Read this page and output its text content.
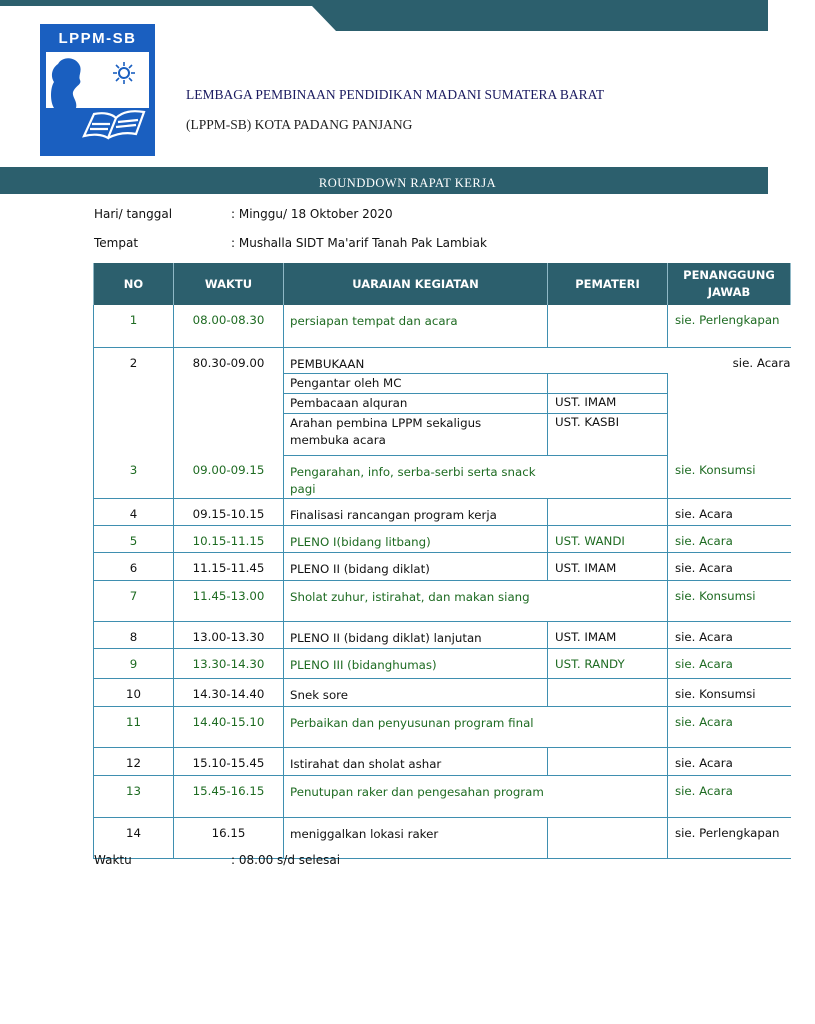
LPPM-SB
LEMBAGA PEMBINAAN PENDIDIKAN MADANI SUMATERA BARAT
(LPPM-SB) KOTA PADANG PANJANG
ROUNDDOWN RAPAT KERJA
Hari/ tanggal	: Minggu/ 18 Oktober 2020
Tempat	: Mushalla SIDT Ma'arif Tanah Pak Lambiak
NO	WAKTU	UARAIAN KEGIATAN	PEMATERI	PENANGGUNG JAWAB
1	08.00-08.30	persiapan tempat dan acara		sie. Perlengkapan
2	80.30-09.00	PEMBUKAAN		sie. Acara
		Pengantar oleh MC		
		Pembacaan alquran	UST. IMAM	
		Arahan pembina LPPM sekaligus membuka acara	UST. KASBI	
3	09.00-09.15	Pengarahan, info, serba-serbi serta snack pagi		sie. Konsumsi
4	09.15-10.15	Finalisasi rancangan program kerja		sie. Acara
5	10.15-11.15	PLENO I(bidang litbang)	UST. WANDI	sie. Acara
6	11.15-11.45	PLENO II (bidang diklat)	UST. IMAM	sie. Acara
7	11.45-13.00	Sholat zuhur, istirahat, dan makan siang		sie. Konsumsi
8	13.00-13.30	PLENO II (bidang diklat) lanjutan	UST. IMAM	sie. Acara
9	13.30-14.30	PLENO III (bidanghumas)	UST. RANDY	sie. Acara
10	14.30-14.40	Snek sore		sie. Konsumsi
11	14.40-15.10	Perbaikan dan penyusunan program final		sie. Acara
12	15.10-15.45	Istirahat dan sholat ashar		sie. Acara
13	15.45-16.15	Penutupan raker dan pengesahan program		sie. Acara
14	16.15	meniggalkan lokasi raker		sie. Perlengkapan
Waktu	: 08.00 s/d selesai
